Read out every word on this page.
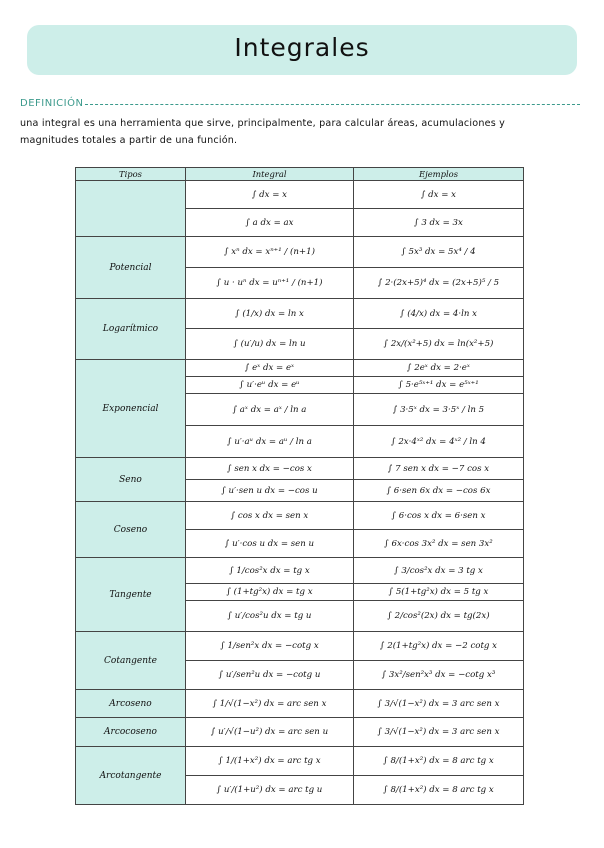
Integrales
DEFINICIÓN
una integral es una herramienta que sirve, principalmente, para calcular áreas, acumulaciones y
magnitudes totales a partir de una función.
Tipos	Integral	Ejemplos
	∫ dx = x	∫ dx = x
	∫ a dx = ax	∫ 3 dx = 3x
Potencial	∫ xⁿ dx = xⁿ⁺¹ / (n+1)	∫ 5x³ dx = 5x⁴ / 4
	∫ u · uⁿ dx = uⁿ⁺¹ / (n+1)	∫ 2·(2x+5)⁴ dx = (2x+5)⁵ / 5
Logarítmico	∫ (1/x) dx = ln x	∫ (4/x) dx = 4·ln x
	∫ (u′/u) dx = ln u	∫ 2x/(x²+5) dx = ln(x²+5)
Exponencial	∫ eˣ dx = eˣ	∫ 2eˣ dx = 2·eˣ
	∫ u′·eᵘ dx = eᵘ	∫ 5·e⁵ˣ⁺¹ dx = e⁵ˣ⁺¹
	∫ aˣ dx = aˣ / ln a	∫ 3·5ˣ dx = 3·5ˣ / ln 5
	∫ u′·aᵘ dx = aᵘ / ln a	∫ 2x·4ˣ² dx = 4ˣ² / ln 4
Seno	∫ sen x dx = −cos x	∫ 7 sen x dx = −7 cos x
	∫ u′·sen u dx = −cos u	∫ 6·sen 6x dx = −cos 6x
Coseno	∫ cos x dx = sen x	∫ 6·cos x dx = 6·sen x
	∫ u′·cos u dx = sen u	∫ 6x·cos 3x² dx = sen 3x²
Tangente	∫ 1/cos²x dx = tg x	∫ 3/cos²x dx = 3 tg x
	∫ (1+tg²x) dx = tg x	∫ 5(1+tg²x) dx = 5 tg x
	∫ u′/cos²u dx = tg u	∫ 2/cos²(2x) dx = tg(2x)
Cotangente	∫ 1/sen²x dx = −cotg x	∫ 2(1+tg²x) dx = −2 cotg x
	∫ u′/sen²u dx = −cotg u	∫ 3x²/sen²x³ dx = −cotg x³
Arcoseno	∫ 1/√(1−x²) dx = arc sen x	∫ 3/√(1−x²) dx = 3 arc sen x
Arcocoseno	∫ u′/√(1−u²) dx = arc sen u	∫ 3/√(1−x²) dx = 3 arc sen x
Arcotangente	∫ 1/(1+x²) dx = arc tg x	∫ 8/(1+x²) dx = 8 arc tg x
	∫ u′/(1+u²) dx = arc tg u	∫ 8/(1+x²) dx = 8 arc tg x
